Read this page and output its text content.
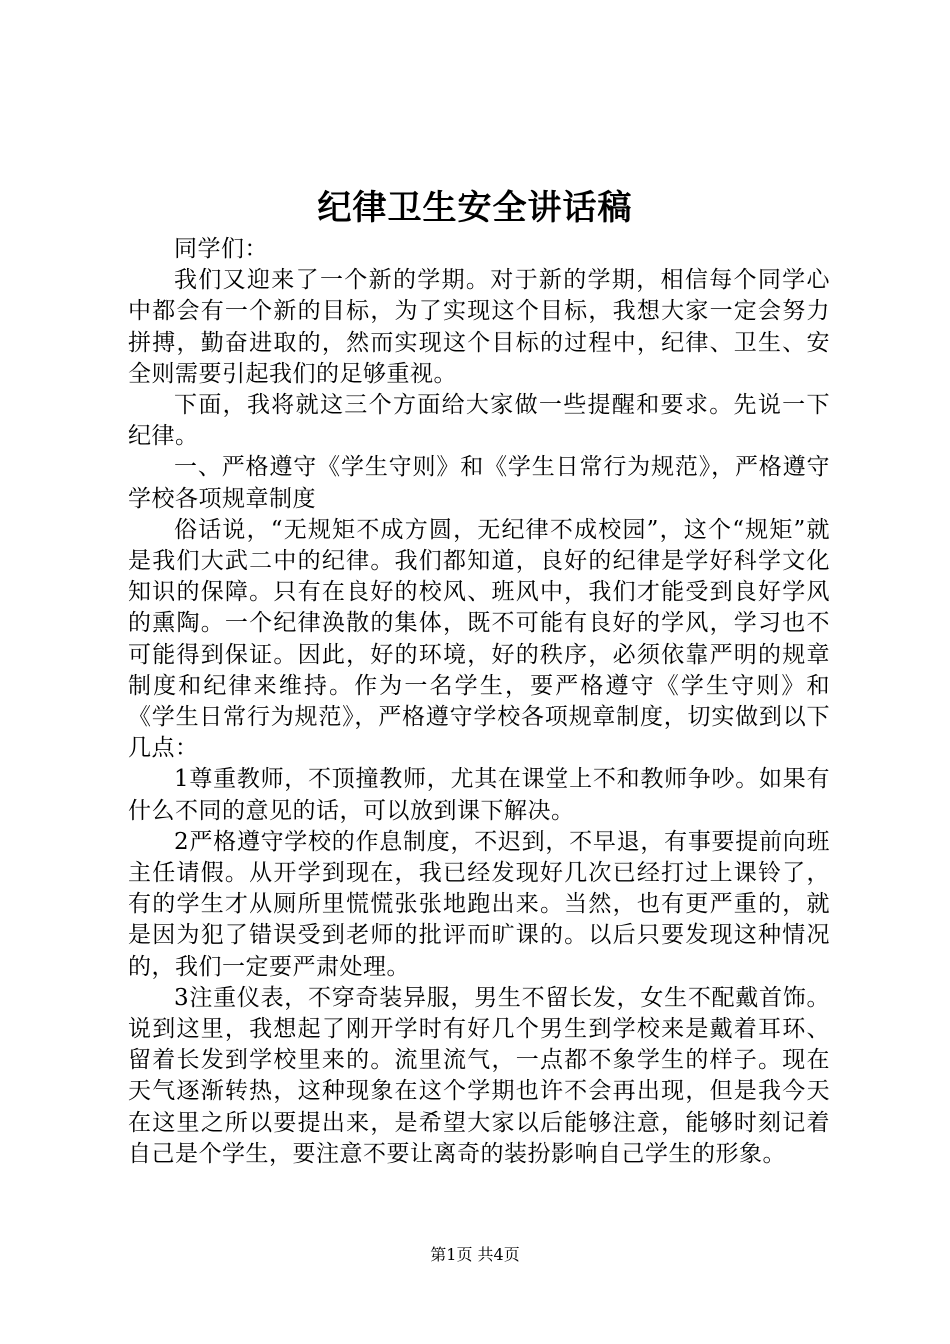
纪律卫生安全讲话稿

同学们：

我们又迎来了一个新的学期。对于新的学期，相信每个同学心中都会有一个新的目标，为了实现这个目标，我想大家一定会努力拼搏，勤奋进取的，然而实现这个目标的过程中，纪律、卫生、安全则需要引起我们的足够重视。

下面，我将就这三个方面给大家做一些提醒和要求。先说一下纪律。

一、严格遵守《学生守则》和《学生日常行为规范》，严格遵守学校各项规章制度

俗话说，“无规矩不成方圆，无纪律不成校园”，这个“规矩”就是我们大武二中的纪律。我们都知道，良好的纪律是学好科学文化知识的保障。只有在良好的校风、班风中，我们才能受到良好学风的熏陶。一个纪律涣散的集体，既不可能有良好的学风，学习也不可能得到保证。因此，好的环境，好的秩序，必须依靠严明的规章制度和纪律来维持。作为一名学生，要严格遵守《学生守则》和《学生日常行为规范》，严格遵守学校各项规章制度，切实做到以下几点：

1尊重教师，不顶撞教师，尤其在课堂上不和教师争吵。如果有什么不同的意见的话，可以放到课下解决。

2严格遵守学校的作息制度，不迟到，不早退，有事要提前向班主任请假。从开学到现在，我已经发现好几次已经打过上课铃了，有的学生才从厕所里慌慌张张地跑出来。当然，也有更严重的，就是因为犯了错误受到老师的批评而旷课的。以后只要发现这种情况的，我们一定要严肃处理。

3注重仪表，不穿奇装异服，男生不留长发，女生不配戴首饰。说到这里，我想起了刚开学时有好几个男生到学校来是戴着耳环、留着长发到学校里来的。流里流气，一点都不象学生的样子。现在天气逐渐转热，这种现象在这个学期也许不会再出现，但是我今天在这里之所以要提出来，是希望大家以后能够注意，能够时刻记着自己是个学生，要注意不要让离奇的装扮影响自己学生的形象。

第1页 共4页
